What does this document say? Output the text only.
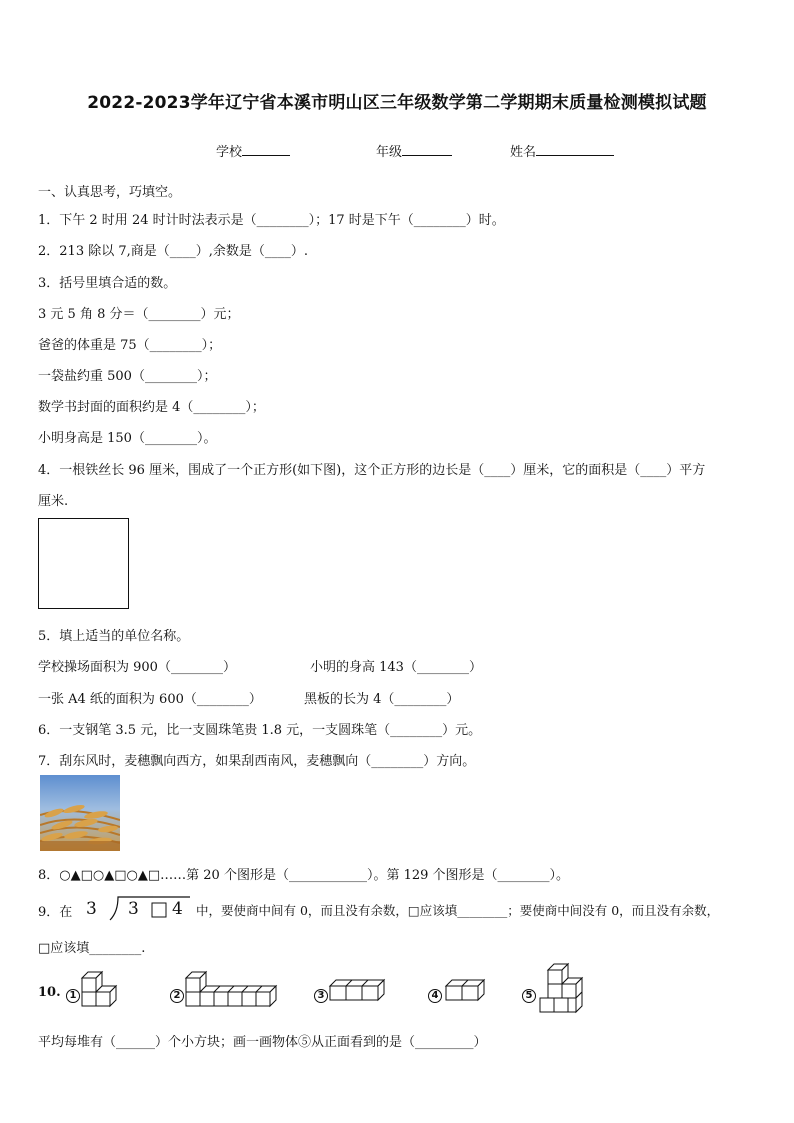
2022-2023学年辽宁省本溪市明山区三年级数学第二学期期末质量检测模拟试题
学校	年级	姓名
一、认真思考，巧填空。
1．下午 2 时用 24 时计时法表示是（________）；17 时是下午（________）时。
2．213 除以 7,商是（____）,余数是（____）.
3．括号里填合适的数。
3 元 5 角 8 分＝（________）元；
爸爸的体重是 75（________）；
一袋盐约重 500（________）；
数学书封面的面积约是 4（________）；
小明身高是 150（________）。
4．一根铁丝长 96 厘米，围成了一个正方形(如下图)，这个正方形的边长是（____）厘米，它的面积是（____）平方
厘米.
5．填上适当的单位名称。
学校操场面积为 900（________）	小明的身高 143（________）
一张 A4 纸的面积为 600（________）	黑板的长为 4（________）
6．一支钢笔 3.5 元，比一支圆珠笔贵 1.8 元，一支圆珠笔（________）元。
7．刮东风时，麦穗飘向西方，如果刮西南风，麦穗飘向（________）方向。
8．○▲□○▲□○▲□……第 20 个图形是（____________）。第 129 个图形是（________）。
9．在 3 3 4 中，要使商中间有 0，而且没有余数，□应该填________；要使商中间没有 0，而且没有余数，
□应该填________.
10. 1	2	3	4	5
平均每堆有（______）个小方块；画一画物体⑤从正面看到的是（_________）
